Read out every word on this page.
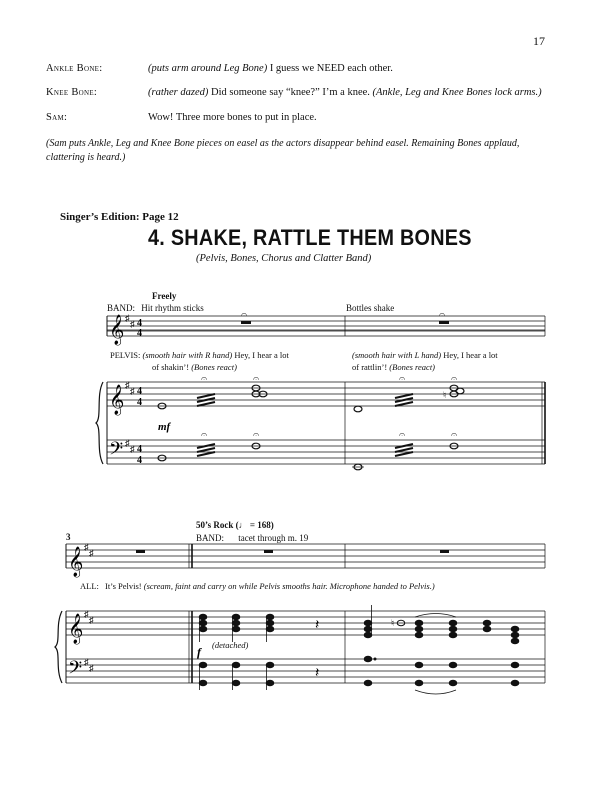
17
Ankle Bone:	(puts arm around Leg Bone) I guess we NEED each other.
Knee Bone:	(rather dazed) Did someone say “knee?” I’m a knee. (Ankle, Leg and Knee Bones lock arms.)
Sam:	Wow! Three more bones to put in place.
(Sam puts Ankle, Leg and Knee Bone pieces on easel as the actors disappear behind easel. Remaining Bones applaud, clattering is heard.)
Singer’s Edition: Page 12
4. SHAKE, RATTLE THEM BONES
(Pelvis, Bones, Chorus and Clatter Band)
Freely
BAND: Hit rhythm sticks	Bottles shake
PELVIS: (smooth hair with R hand) Hey, I hear a lot
of shakin’! (Bones react)
(smooth hair with L hand) Hey, I hear a lot
of rattlin’! (Bones react)
𝄞
𝄞
𝄢
♯
♯
♯
♯
♯
♯
4
4
4
4
4
4
𝄐	𝄐
𝄐	𝄐
mf
𝄐	𝄐
𝄐
♮
𝄐
𝄐	𝄐
3
50’s Rock (♩ = 168)
BAND: tacet through m. 19
ALL: It’s Pelvis! (scream, faint and carry on while Pelvis smooths hair. Microphone handed to Pelvis.)
(detached)
𝄞
𝄞
𝄢
♯
♯
♯
♯
♯
♯
𝄽
f
𝄽
♮
